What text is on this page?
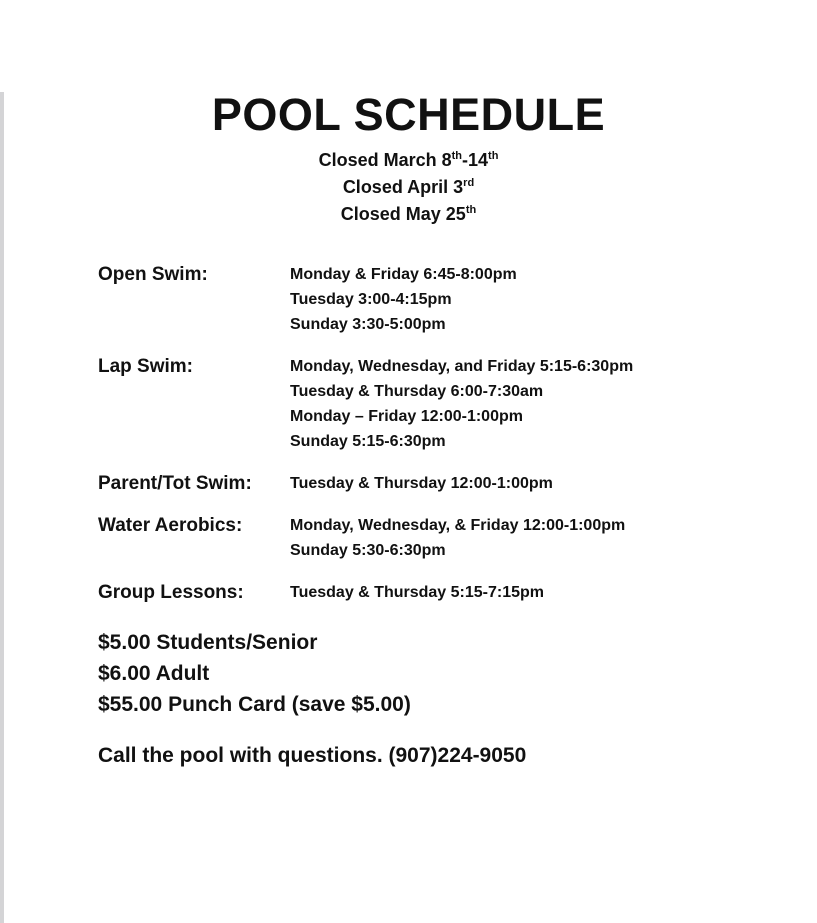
POOL SCHEDULE
Closed March 8th-14th
Closed April 3rd
Closed May 25th
Open Swim:	Monday & Friday 6:45-8:00pm
Tuesday 3:00-4:15pm
Sunday 3:30-5:00pm
Lap Swim:	Monday, Wednesday, and Friday 5:15-6:30pm
Tuesday & Thursday 6:00-7:30am
Monday – Friday 12:00-1:00pm
Sunday 5:15-6:30pm
Parent/Tot Swim:	Tuesday & Thursday 12:00-1:00pm
Water Aerobics:	Monday, Wednesday, & Friday 12:00-1:00pm
Sunday 5:30-6:30pm
Group Lessons:	Tuesday & Thursday 5:15-7:15pm
$5.00 Students/Senior
$6.00 Adult
$55.00 Punch Card (save $5.00)
Call the pool with questions. (907)224-9050
